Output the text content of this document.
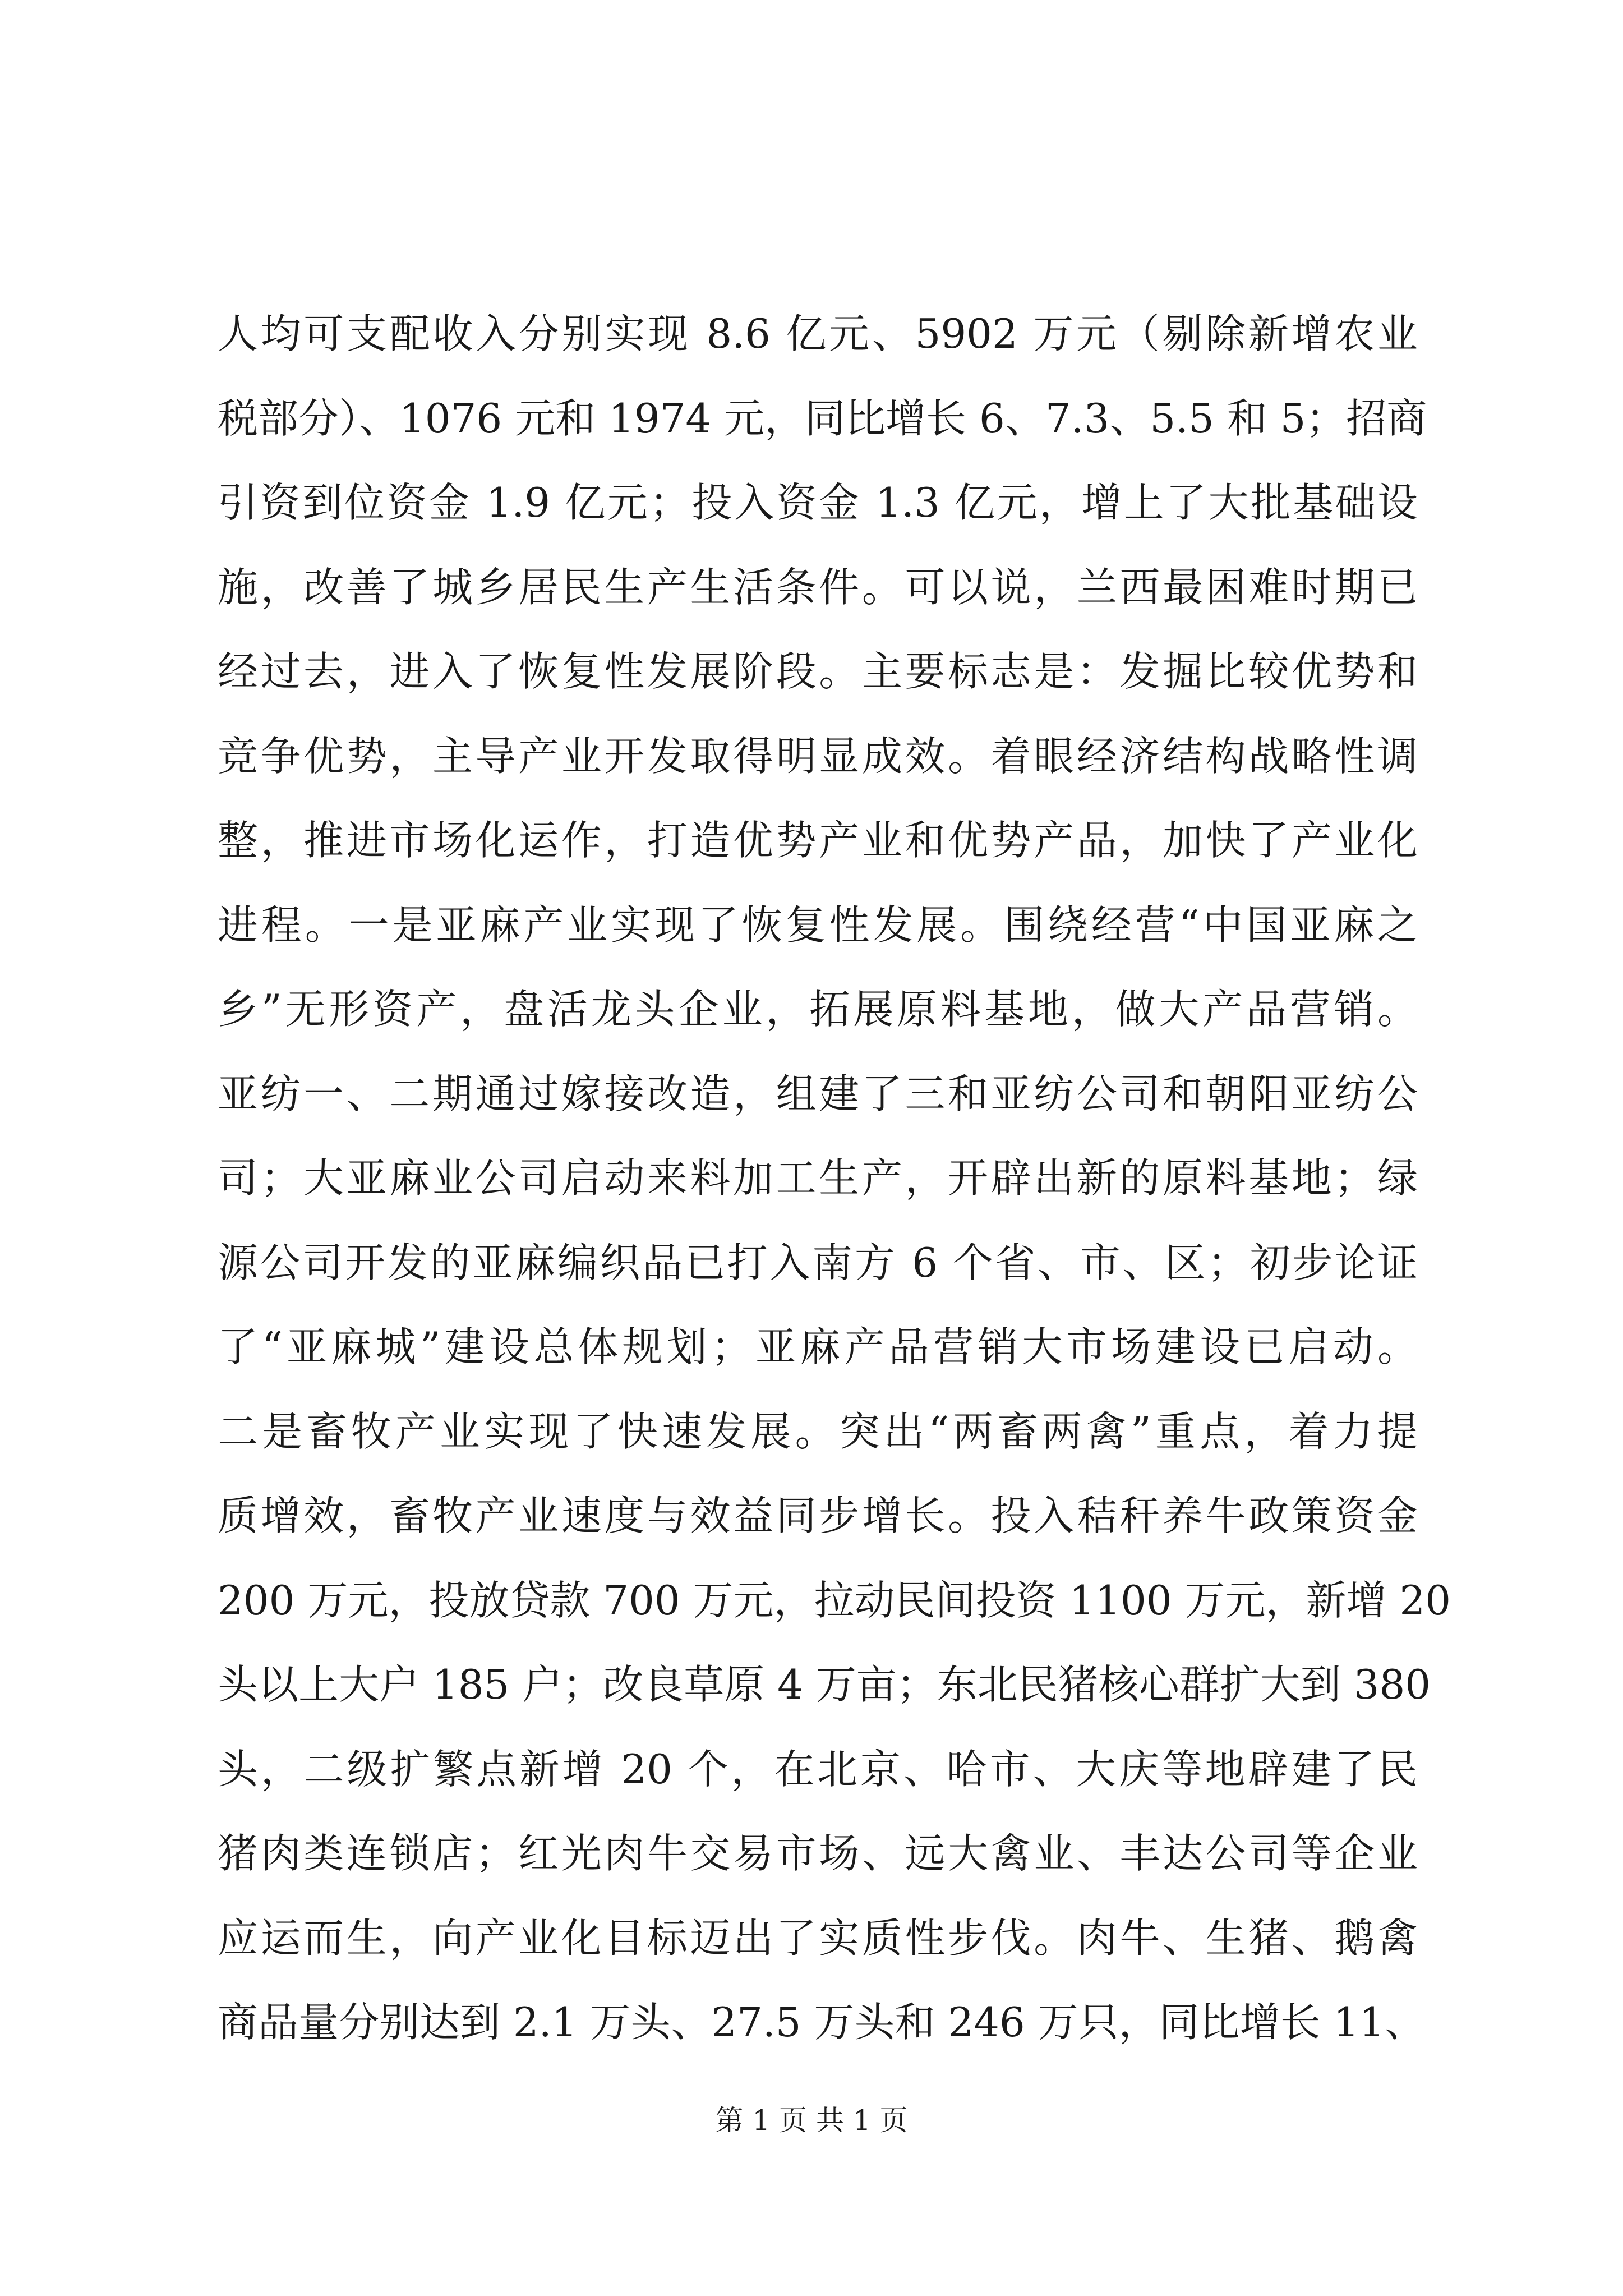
人均可支配收入分别实现 8.6 亿元、5902 万元（剔除新增农业
税部分）、1076 元和 1974 元，同比增长 6、7.3、5.5 和 5；招商
引资到位资金 1.9 亿元；投入资金 1.3 亿元，增上了大批基础设
施，改善了城乡居民生产生活条件。可以说，兰西最困难时期已
经过去，进入了恢复性发展阶段。主要标志是：发掘比较优势和
竞争优势，主导产业开发取得明显成效。着眼经济结构战略性调
整，推进市场化运作，打造优势产业和优势产品，加快了产业化
进程。一是亚麻产业实现了恢复性发展。围绕经营“中国亚麻之
乡”无形资产，盘活龙头企业，拓展原料基地，做大产品营销。
亚纺一、二期通过嫁接改造，组建了三和亚纺公司和朝阳亚纺公
司；大亚麻业公司启动来料加工生产，开辟出新的原料基地；绿
源公司开发的亚麻编织品已打入南方 6 个省、市、区；初步论证
了“亚麻城”建设总体规划；亚麻产品营销大市场建设已启动。
二是畜牧产业实现了快速发展。突出“两畜两禽”重点，着力提
质增效，畜牧产业速度与效益同步增长。投入秸秆养牛政策资金
200 万元，投放贷款 700 万元，拉动民间投资 1100 万元，新增 20
头以上大户 185 户；改良草原 4 万亩；东北民猪核心群扩大到 380
头，二级扩繁点新增 20 个，在北京、哈市、大庆等地辟建了民
猪肉类连锁店；红光肉牛交易市场、远大禽业、丰达公司等企业
应运而生，向产业化目标迈出了实质性步伐。肉牛、生猪、鹅禽
商品量分别达到 2.1 万头、27.5 万头和 246 万只，同比增长 11、
第 1 页 共 1 页
